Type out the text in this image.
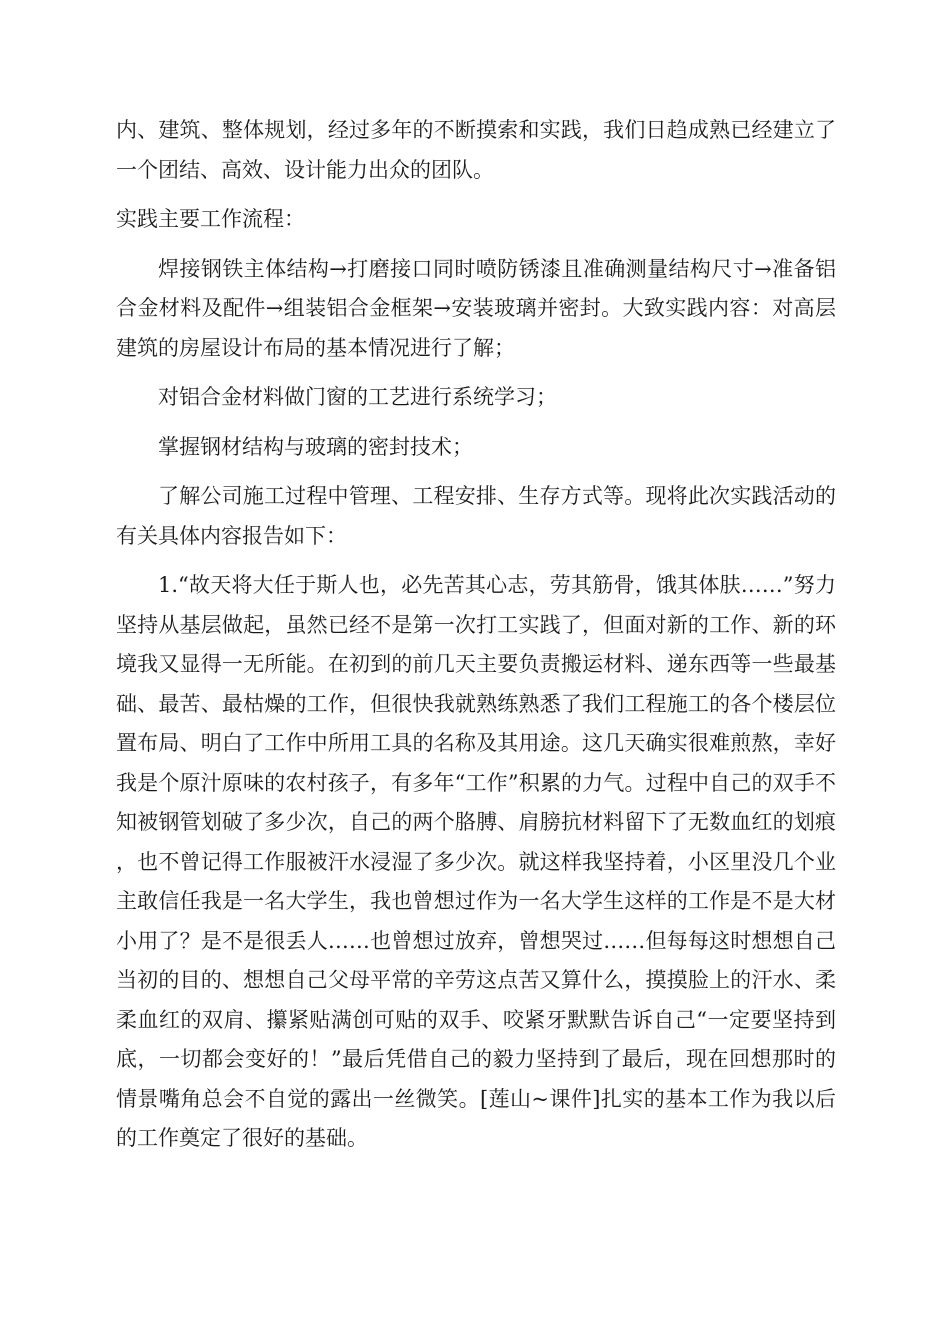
内、建筑、整体规划，经过多年的不断摸索和实践，我们日趋成熟已经建立了一个团结、高效、设计能力出众的团队。

实践主要工作流程：

焊接钢铁主体结构→打磨接口同时喷防锈漆且准确测量结构尺寸→准备铝合金材料及配件→组装铝合金框架→安装玻璃并密封。大致实践内容：对高层建筑的房屋设计布局的基本情况进行了解；

对铝合金材料做门窗的工艺进行系统学习；

掌握钢材结构与玻璃的密封技术；

了解公司施工过程中管理、工程安排、生存方式等。现将此次实践活动的有关具体内容报告如下：

1.“故天将大任于斯人也，必先苦其心志，劳其筋骨，饿其体肤……”努力坚持从基层做起，虽然已经不是第一次打工实践了，但面对新的工作、新的环境我又显得一无所能。在初到的前几天主要负责搬运材料、递东西等一些最基础、最苦、最枯燥的工作，但很快我就熟练熟悉了我们工程施工的各个楼层位置布局、明白了工作中所用工具的名称及其用途。这几天确实很难煎熬，幸好我是个原汁原味的农村孩子，有多年“工作”积累的力气。过程中自己的双手不知被钢管划破了多少次，自己的两个胳膊、肩膀抗材料留下了无数血红的划痕，也不曾记得工作服被汗水浸湿了多少次。就这样我坚持着，小区里没几个业主敢信任我是一名大学生，我也曾想过作为一名大学生这样的工作是不是大材小用了？是不是很丢人……也曾想过放弃，曾想哭过……但每每这时想想自己当初的目的、想想自己父母平常的辛劳这点苦又算什么，摸摸脸上的汗水、柔柔血红的双肩、攥紧贴满创可贴的双手、咬紧牙默默告诉自己“一定要坚持到底，一切都会变好的！”最后凭借自己的毅力坚持到了最后，现在回想那时的情景嘴角总会不自觉的露出一丝微笑。[莲山~课件]扎实的基本工作为我以后的工作奠定了很好的基础。
